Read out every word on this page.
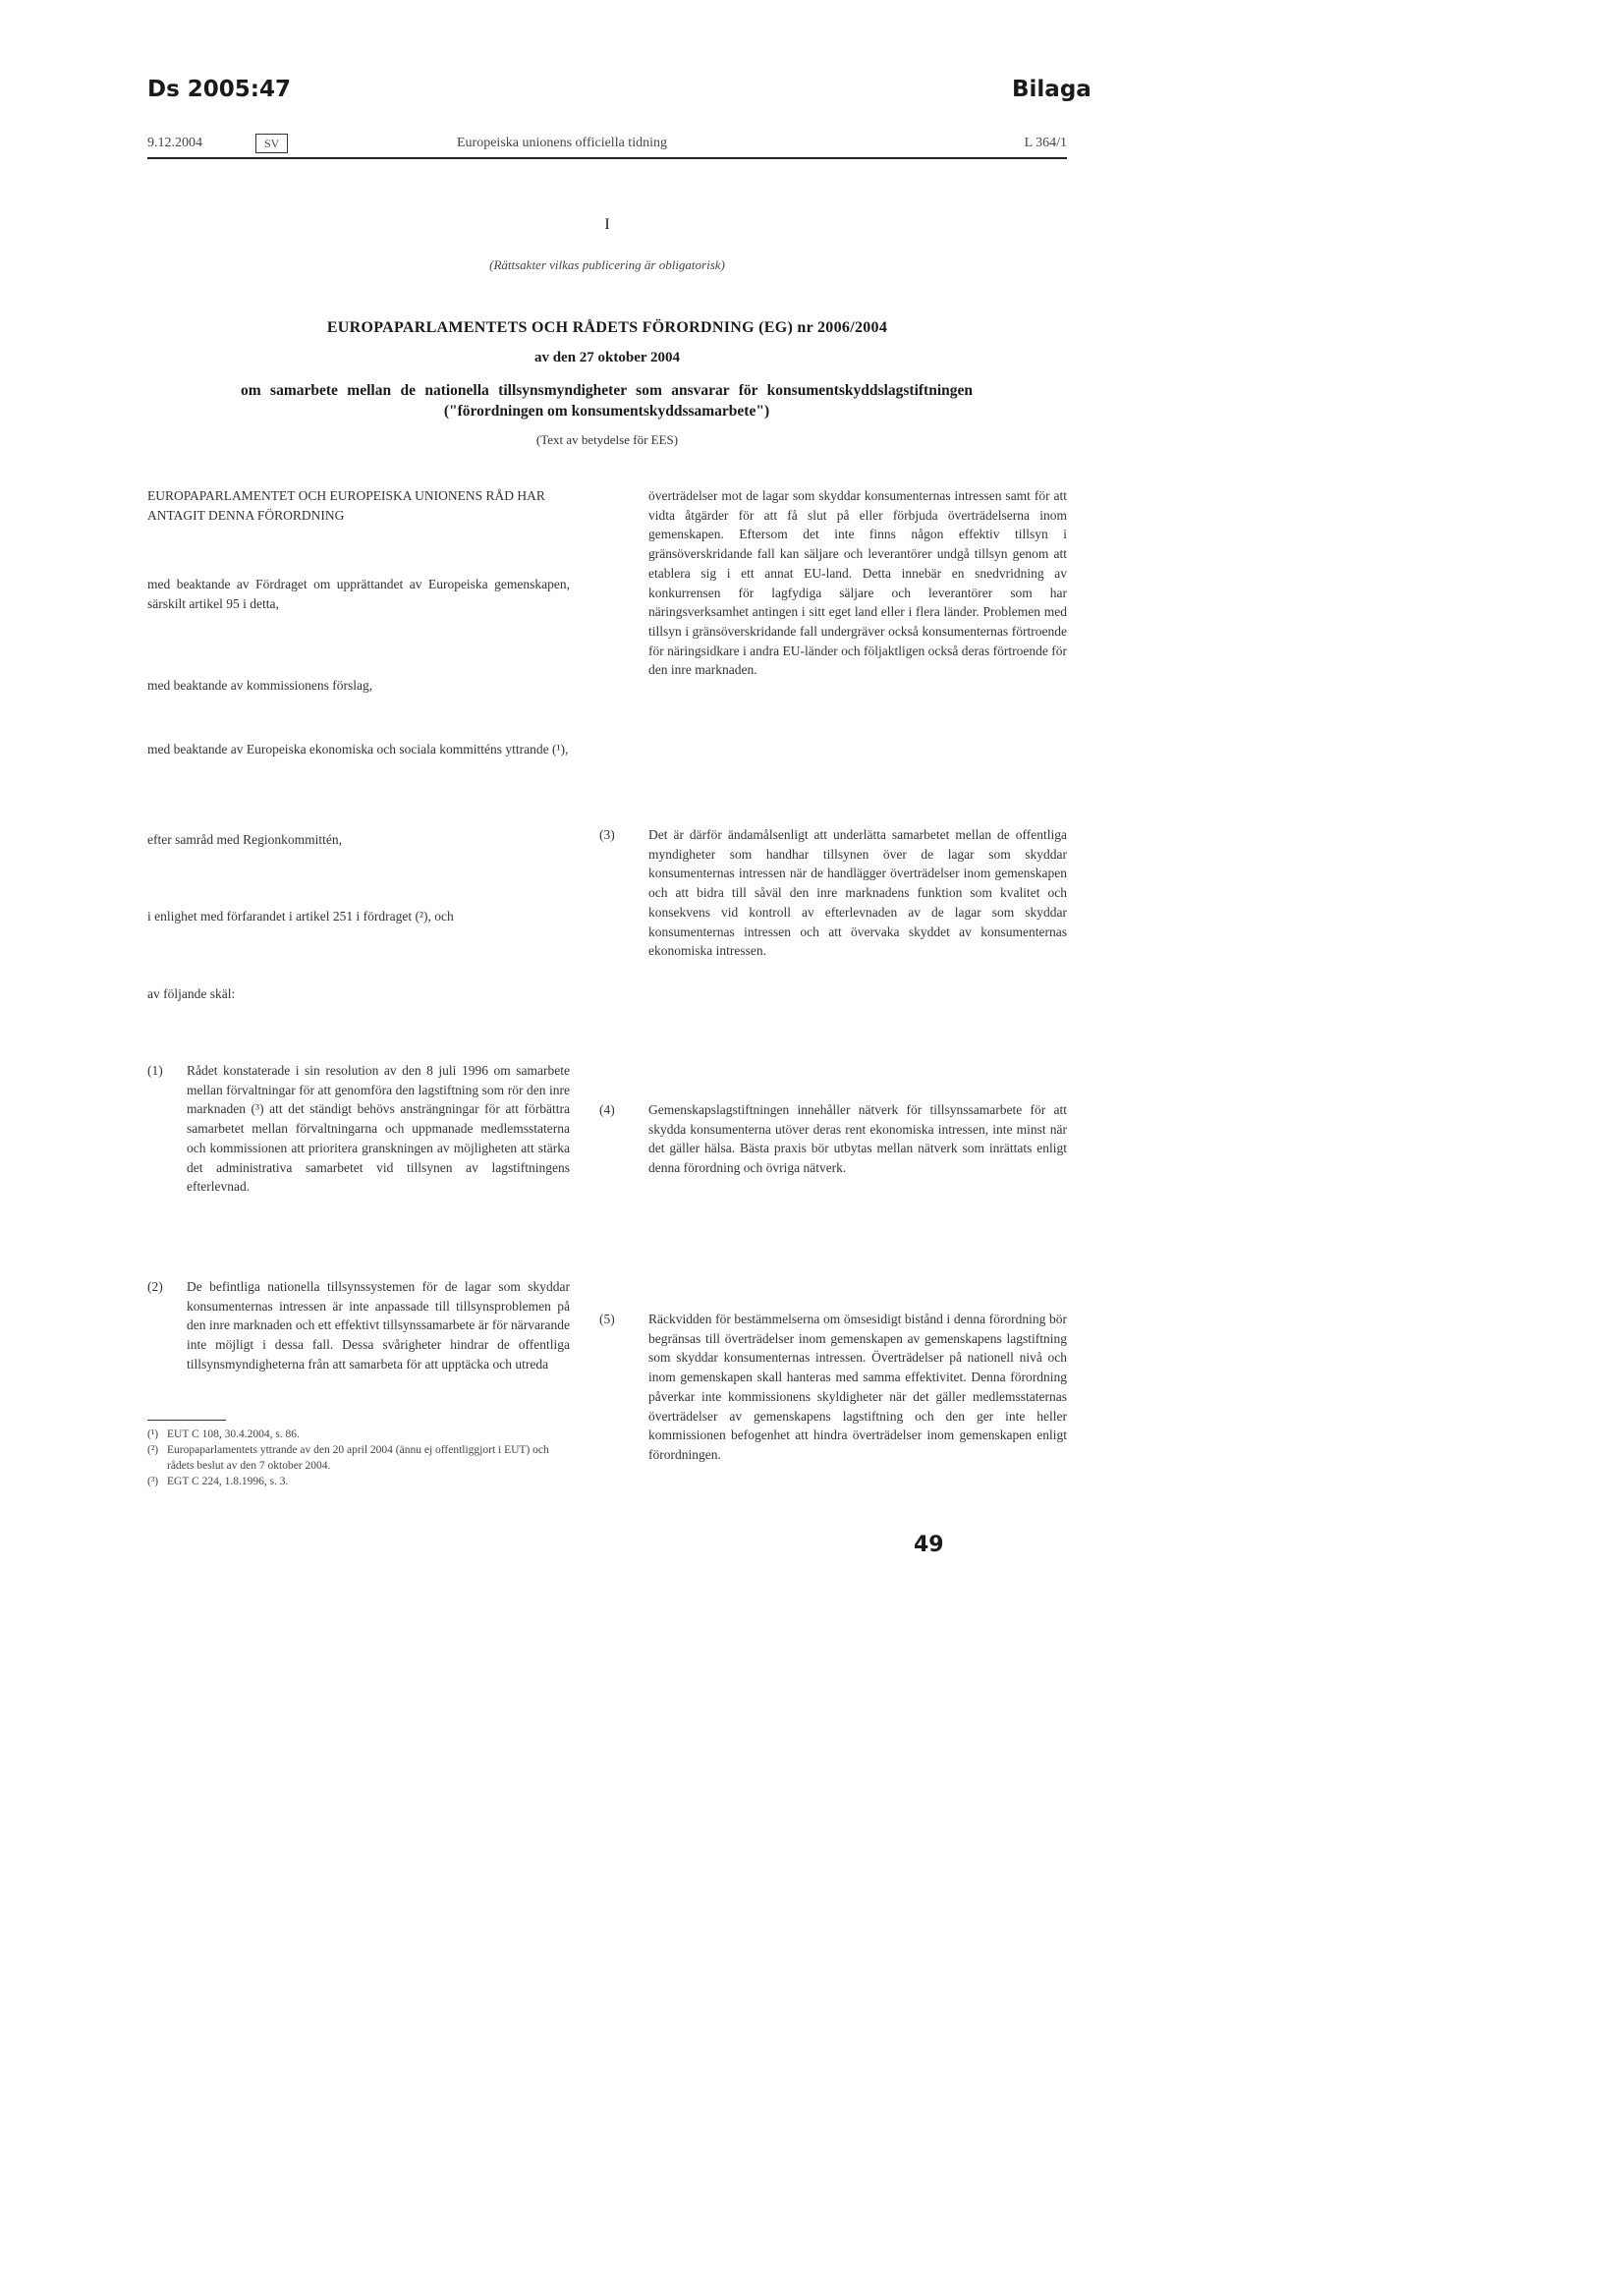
Ds 2005:47	Bilaga
9.12.2004	SV	Europeiska unionens officiella tidning	L 364/1
I
(Rättsakter vilkas publicering är obligatorisk)
EUROPAPARLAMENTETS OCH RÅDETS FÖRORDNING (EG) nr 2006/2004
av den 27 oktober 2004
om samarbete mellan de nationella tillsynsmyndigheter som ansvarar för konsumentskyddslagstiftningen ("förordningen om konsumentskyddssamarbete")
(Text av betydelse för EES)
EUROPAPARLAMENTET OCH EUROPEISKA UNIONENS RÅD HAR ANTAGIT DENNA FÖRORDNING
med beaktande av Fördraget om upprättandet av Europeiska gemenskapen, särskilt artikel 95 i detta,
med beaktande av kommissionens förslag,
med beaktande av Europeiska ekonomiska och sociala kommitténs yttrande (¹),
efter samråd med Regionkommittén,
i enlighet med förfarandet i artikel 251 i fördraget (²), och
av följande skäl:
(1)	Rådet konstaterade i sin resolution av den 8 juli 1996 om samarbete mellan förvaltningar för att genomföra den lagstiftning som rör den inre marknaden (³) att det ständigt behövs ansträngningar för att förbättra samarbetet mellan förvaltningarna och uppmanade medlemsstaterna och kommissionen att prioritera granskningen av möjligheten att stärka det administrativa samarbetet vid tillsynen av lagstiftningens efterlevnad.
(2)	De befintliga nationella tillsynssystemen för de lagar som skyddar konsumenternas intressen är inte anpassade till tillsynsproblemen på den inre marknaden och ett effektivt tillsynssamarbete är för närvarande inte möjligt i dessa fall. Dessa svårigheter hindrar de offentliga tillsynsmyndigheterna från att samarbeta för att upptäcka och utreda
överträdelser mot de lagar som skyddar konsumenternas intressen samt för att vidta åtgärder för att få slut på eller förbjuda överträdelserna inom gemenskapen. Eftersom det inte finns någon effektiv tillsyn i gränsöverskridande fall kan säljare och leverantörer undgå tillsyn genom att etablera sig i ett annat EU-land. Detta innebär en snedvridning av konkurrensen för lagfydiga säljare och leverantörer som har näringsverksamhet antingen i sitt eget land eller i flera länder. Problemen med tillsyn i gränsöverskridande fall undergräver också konsumenternas förtroende för näringsidkare i andra EU-länder och följaktligen också deras förtroende för den inre marknaden.
(3)	Det är därför ändamålsenligt att underlätta samarbetet mellan de offentliga myndigheter som handhar tillsynen över de lagar som skyddar konsumenternas intressen när de handlägger överträdelser inom gemenskapen och att bidra till såväl den inre marknadens funktion som kvalitet och konsekvens vid kontroll av efterlevnaden av de lagar som skyddar konsumenternas intressen och att övervaka skyddet av konsumenternas ekonomiska intressen.
(4)	Gemenskapslagstiftningen innehåller nätverk för tillsynssamarbete för att skydda konsumenterna utöver deras rent ekonomiska intressen, inte minst när det gäller hälsa. Bästa praxis bör utbytas mellan nätverk som inrättats enligt denna förordning och övriga nätverk.
(5)	Räckvidden för bestämmelserna om ömsesidigt bistånd i denna förordning bör begränsas till överträdelser inom gemenskapen av gemenskapens lagstiftning som skyddar konsumenternas intressen. Överträdelser på nationell nivå och inom gemenskapen skall hanteras med samma effektivitet. Denna förordning påverkar inte kommissionens skyldigheter när det gäller medlemsstaternas överträdelser av gemenskapens lagstiftning och den ger inte heller kommissionen befogenhet att hindra överträdelser inom gemenskapen enligt förordningen.
(¹) EUT C 108, 30.4.2004, s. 86.
(²) Europaparlamentets yttrande av den 20 april 2004 (ännu ej offentliggjort i EUT) och rådets beslut av den 7 oktober 2004.
(³) EGT C 224, 1.8.1996, s. 3.
49
